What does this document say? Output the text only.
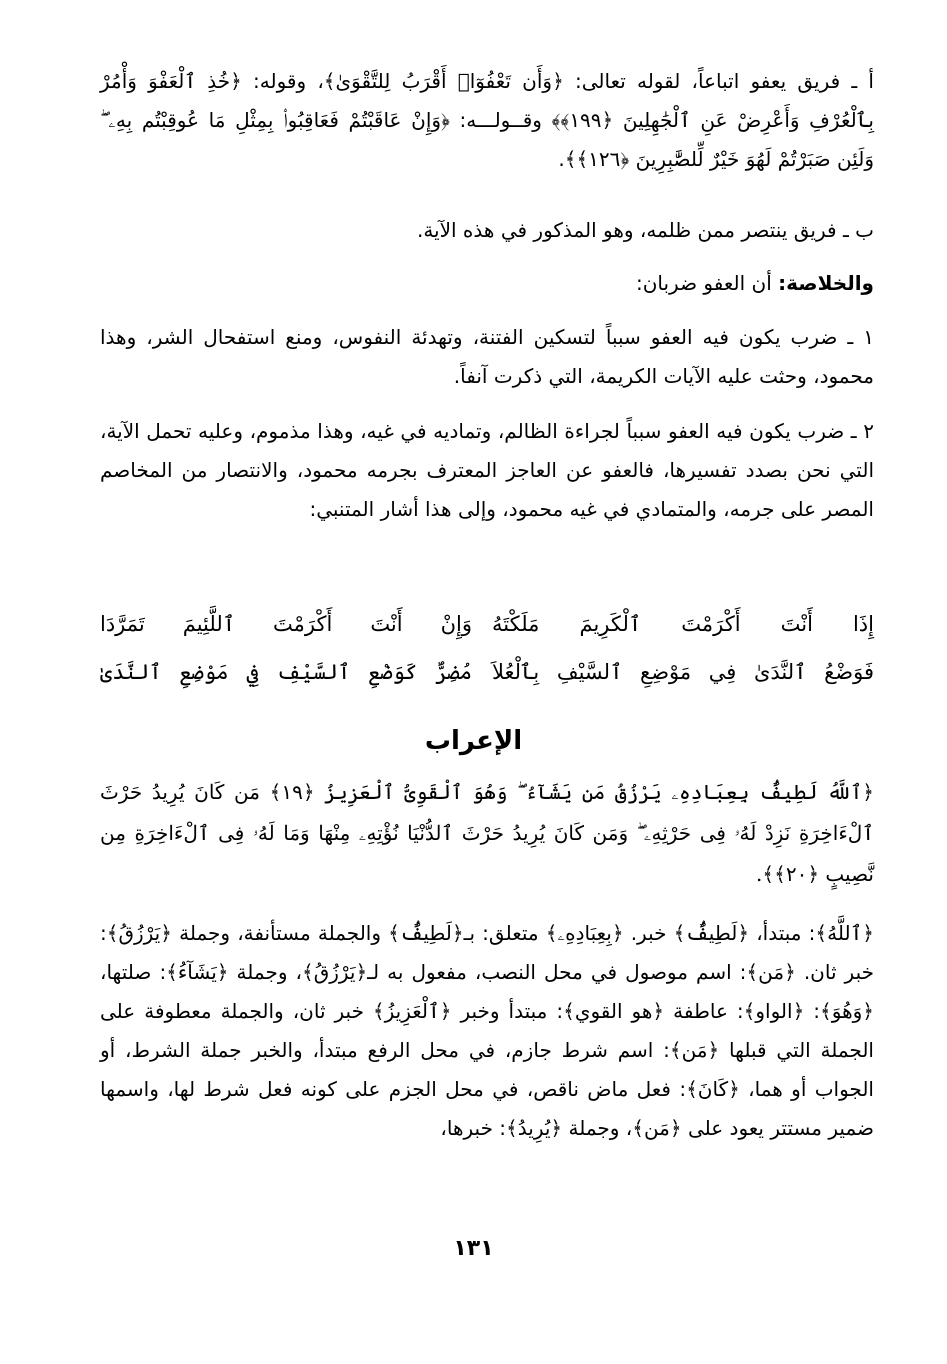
أ ـ فريق يعفو اتباعاً، لقوله تعالى: ﴿وَأَن تَعْفُوٓا۟ أَقْرَبُ لِلتَّقْوَىٰ﴾، وقوله: ﴿خُذِ ٱلْعَفْوَ وَأْمُرْ بِٱلْعُرْفِ وَأَعْرِضْ عَنِ ٱلْجَٰهِلِينَ ﴿١٩٩﴾﴾ وقــولـــه: ﴿وَإِنْ عَاقَبْتُمْ فَعَاقِبُوا۟ بِمِثْلِ مَا عُوقِبْتُم بِهِۦ ۖ وَلَئِن صَبَرْتُمْ لَهُوَ خَيْرٌ لِّلصَّٰبِرِينَ ﴿١٢٦﴾﴾.

ب ـ فريق ينتصر ممن ظلمه، وهو المذكور في هذه الآية.

والخلاصة: أن العفو ضربان:

١ ـ ضرب يكون فيه العفو سبباً لتسكين الفتنة، وتهدئة النفوس، ومنع استفحال الشر، وهذا محمود، وحثت عليه الآيات الكريمة، التي ذكرت آنفاً.

٢ ـ ضرب يكون فيه العفو سبباً لجراءة الظالم، وتماديه في غيه، وهذا مذموم، وعليه تحمل الآية، التي نحن بصدد تفسيرها، فالعفو عن العاجز المعترف بجرمه محمود، والانتصار من المخاصم المصر على جرمه، والمتمادي في غيه محمود، وإلى هذا أشار المتنبي:

إِذَا أَنْتَ أَكْرَمْتَ ٱلْكَرِيمَ مَلَكْتَهُ
وَإِنْ أَنْتَ أَكْرَمْتَ ٱللَّئِيمَ تَمَرَّدَا
فَوَضْعُ ٱلنَّدَىٰ فِي مَوْضِعِ ٱلسَّيْفِ بِٱلْعُلاَ
مُضِرٌّ كَوَضْعِ ٱلسَّيْفِ فِي مَوْضِعِ ٱلنَّدَىٰ
الإعراب
﴿ٱللَّهُ لَطِيفٌۢ بِعِبَادِهِۦ يَرْزُقُ مَن يَشَآءُ ۖ وَهُوَ ٱلْقَوِىُّ ٱلْعَزِيزُ ﴿١٩﴾ مَن كَانَ يُرِيدُ حَرْثَ ٱلْءَاخِرَةِ نَزِدْ لَهُۥ فِى حَرْثِهِۦ ۖ وَمَن كَانَ يُرِيدُ حَرْثَ ٱلدُّنْيَا نُؤْتِهِۦ مِنْهَا وَمَا لَهُۥ فِى ٱلْءَاخِرَةِ مِن نَّصِيبٍ ﴿٢٠﴾﴾.

﴿ٱللَّهُ﴾: مبتدأ، ﴿لَطِيفٌۢ﴾ خبر. ﴿بِعِبَادِهِۦ﴾ متعلق: بـ﴿لَطِيفٌۢ﴾ والجملة مستأنفة، وجملة ﴿يَرْزُقُ﴾: خبر ثان. ﴿مَن﴾: اسم موصول في محل النصب، مفعول به لـ﴿يَرْزُقُ﴾، وجملة ﴿يَشَآءُ﴾: صلتها، ﴿وَهُوَ﴾: ﴿الواو﴾: عاطفة ﴿هو القوي﴾: مبتدأ وخبر ﴿ٱلْعَزِيزُ﴾ خبر ثان، والجملة معطوفة على الجملة التي قبلها ﴿مَن﴾: اسم شرط جازم، في محل الرفع مبتدأ، والخبر جملة الشرط، أو الجواب أو هما، ﴿كَانَ﴾: فعل ماض ناقص، في محل الجزم على كونه فعل شرط لها، واسمها ضمير مستتر يعود على ﴿مَن﴾، وجملة ﴿يُرِيدُ﴾: خبرها،

١٣١
